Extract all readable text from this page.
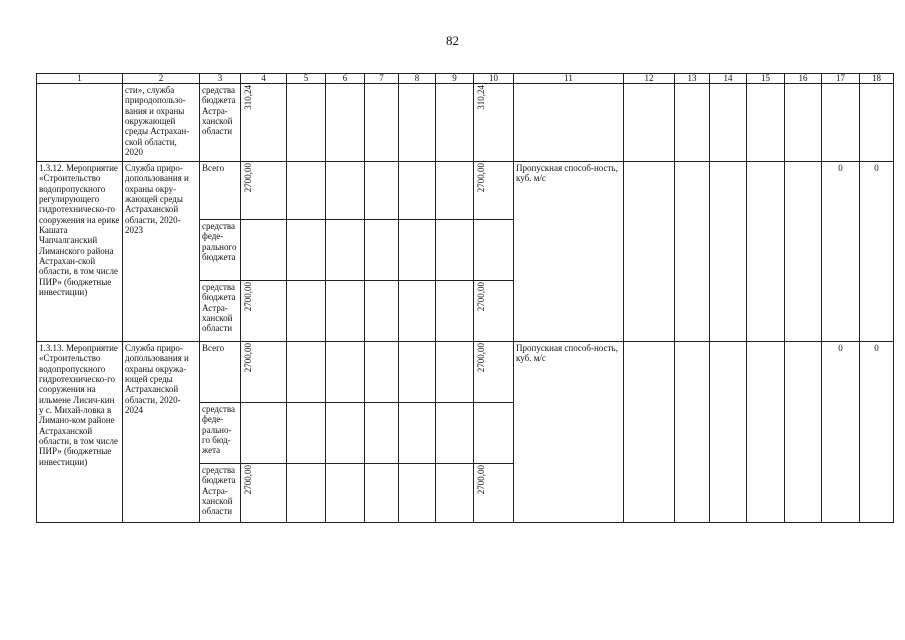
82
1	2	3	4	5	6	7	8	9	10	11	12	13	14	15	16	17	18
	сти», служба природопользо-вания и охраны окружающей среды Астрахан-ской области, 2020	средства бюджета Астра-ханской области	310,24						310,24								
1.3.12. Мероприятие «Строительство водопропускного регулирующего гидротехническо-го сооружения на ерике Кашата Чапчалганский Лиманского района Астрахан-ской области, в том числе ПИР» (бюджетные инвестиции)	Служба приро-допользования и охраны окру-жающей среды Астраханской области, 2020-2023	Всего	2700,00						2700,00	Пропускная способ-ность, куб. м/с						0	0
		средства феде-рального бюджета															
		средства бюджета Астра-ханской области	2700,00						2700,00								
1.3.13. Мероприятие «Строительство водопропускного гидротехническо-го сооружения на ильмене Лисич-кин у с. Михай-ловка в Лимано-ком районе Астраханской области, в том числе ПИР» (бюджетные инвестиции)	Служба приро-допользования и охраны окружа-ющей среды Астраханской области, 2020-2024	Всего	2700,00						2700,00	Пропускная способ-ность, куб. м/с						0	0
		средства феде-рально-го бюд-жета															
		средства бюджета Астра-ханской области	2700,00						2700,00								
